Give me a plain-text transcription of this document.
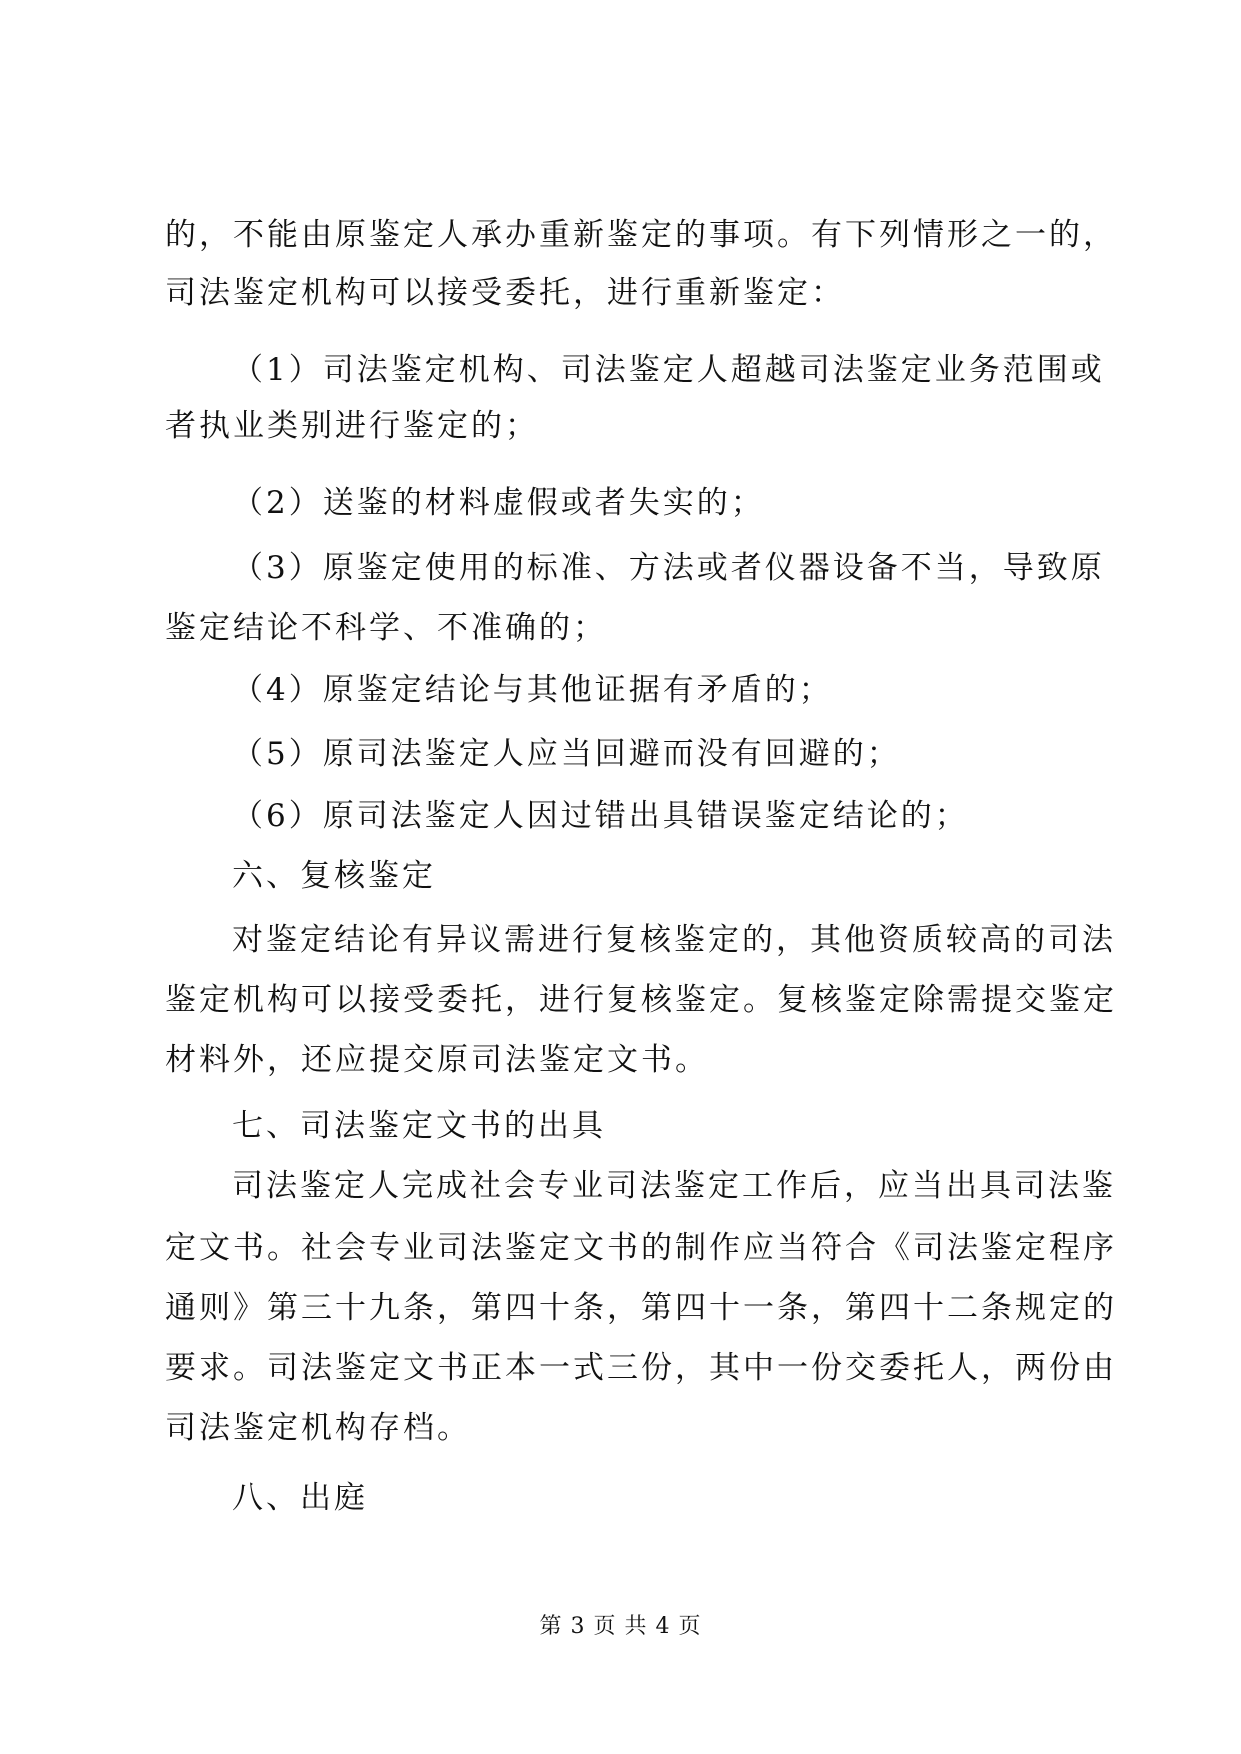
的，不能由原鉴定人承办重新鉴定的事项。有下列情形之一的，
司法鉴定机构可以接受委托，进行重新鉴定：
（1）司法鉴定机构、司法鉴定人超越司法鉴定业务范围或
者执业类别进行鉴定的；
（2）送鉴的材料虚假或者失实的；
（3）原鉴定使用的标准、方法或者仪器设备不当，导致原
鉴定结论不科学、不准确的；
（4）原鉴定结论与其他证据有矛盾的；
（5）原司法鉴定人应当回避而没有回避的；
（6）原司法鉴定人因过错出具错误鉴定结论的；
六、复核鉴定
对鉴定结论有异议需进行复核鉴定的，其他资质较高的司法
鉴定机构可以接受委托，进行复核鉴定。复核鉴定除需提交鉴定
材料外，还应提交原司法鉴定文书。
七、司法鉴定文书的出具
司法鉴定人完成社会专业司法鉴定工作后，应当出具司法鉴
定文书。社会专业司法鉴定文书的制作应当符合《司法鉴定程序
通则》第三十九条，第四十条，第四十一条，第四十二条规定的
要求。司法鉴定文书正本一式三份，其中一份交委托人，两份由
司法鉴定机构存档。
八、出庭
第 3 页 共 4 页
